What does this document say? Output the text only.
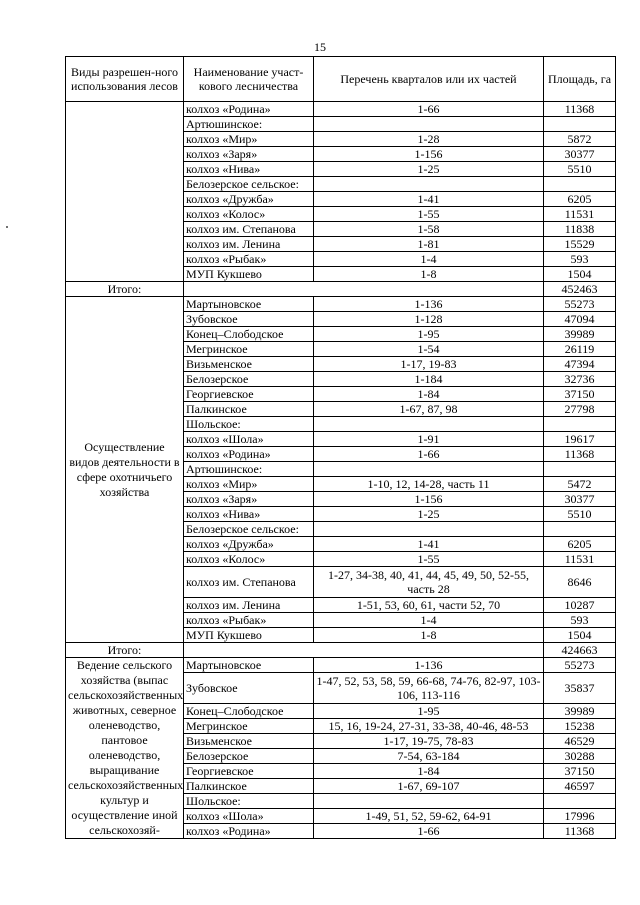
15
Виды разрешен-ного использования лесов	Наименование участ-кового лесничества	Перечень кварталов или их частей	Площадь, га
	колхоз «Родина»	1-66	11368
	Артюшинское:		
	колхоз «Мир»	1-28	5872
	колхоз «Заря»	1-156	30377
	колхоз «Нива»	1-25	5510
	Белозерское сельское:		
	колхоз «Дружба»	1-41	6205
	колхоз «Колос»	1-55	11531
	колхоз им. Степанова	1-58	11838
	колхоз им. Ленина	1-81	15529
	колхоз «Рыбак»	1-4	593
	МУП Кукшево	1-8	1504
Итого:			452463
Осуществление видов деятельности в сфере охотничьего хозяйства	Мартыновское	1-136	55273
	Зубовское	1-128	47094
	Конец–Слободское	1-95	39989
	Мегринское	1-54	26119
	Визьменское	1-17, 19-83	47394
	Белозерское	1-184	32736
	Георгиевское	1-84	37150
	Палкинское	1-67, 87, 98	27798
	Шольское:		
	колхоз «Шола»	1-91	19617
	колхоз «Родина»	1-66	11368
	Артюшинское:		
	колхоз «Мир»	1-10, 12, 14-28, часть 11	5472
	колхоз «Заря»	1-156	30377
	колхоз «Нива»	1-25	5510
	Белозерское сельское:		
	колхоз «Дружба»	1-41	6205
	колхоз «Колос»	1-55	11531
	колхоз им. Степанова	1-27, 34-38, 40, 41, 44, 45, 49, 50, 52-55, часть 28	8646
	колхоз им. Ленина	1-51, 53, 60, 61, части 52, 70	10287
	колхоз «Рыбак»	1-4	593
	МУП Кукшево	1-8	1504
Итого:			424663
Ведение сельского хозяйства (выпас сельскохозяйственных животных, северное оленеводство, пантовое оленеводство, выращивание сельскохозяйственных культур и осуществление иной сельскохозяй-	Мартыновское	1-136	55273
	Зубовское	1-47, 52, 53, 58, 59, 66-68, 74-76, 82-97, 103-106, 113-116	35837
	Конец–Слободское	1-95	39989
	Мегринское	15, 16, 19-24, 27-31, 33-38, 40-46, 48-53	15238
	Визьменское	1-17, 19-75, 78-83	46529
	Белозерское	7-54, 63-184	30288
	Георгиевское	1-84	37150
	Палкинское	1-67, 69-107	46597
	Шольское:		
	колхоз «Шола»	1-49, 51, 52, 59-62, 64-91	17996
	колхоз «Родина»	1-66	11368
